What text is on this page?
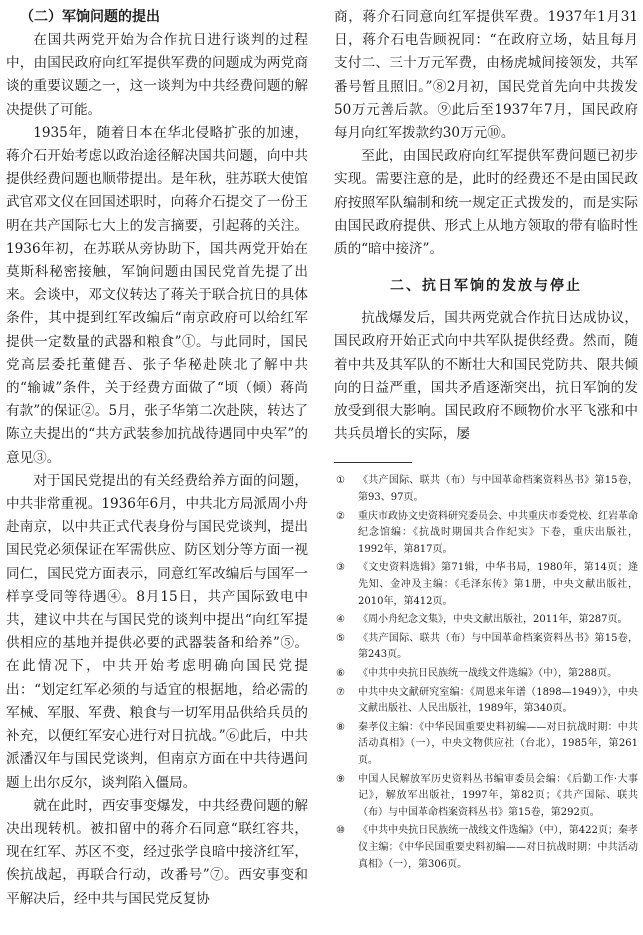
（二）军饷问题的提出

在国共两党开始为合作抗日进行谈判的过程中，由国民政府向红军提供军费的问题成为两党商谈的重要议题之一，这一谈判为中共经费问题的解决提供了可能。

1935年，随着日本在华北侵略扩张的加速，蒋介石开始考虑以政治途径解决国共问题，向中共提供经费问题也顺带提出。是年秋，驻苏联大使馆武官邓文仪在回国述职时，向蒋介石提交了一份王明在共产国际七大上的发言摘要，引起蒋的关注。1936年初，在苏联从旁协助下，国共两党开始在莫斯科秘密接触，军饷问题由国民党首先提了出来。会谈中，邓文仪转达了蒋关于联合抗日的具体条件，其中提到红军改编后“南京政府可以给红军提供一定数量的武器和粮食”①。与此同时，国民党高层委托董健吾、张子华秘赴陕北了解中共的“输诚”条件，关于经费方面做了“顷（倾）蒋尚有款”的保证②。5月，张子华第二次赴陕，转达了陈立夫提出的“共方武装参加抗战待遇同中央军”的意见③。

对于国民党提出的有关经费给养方面的问题，中共非常重视。1936年6月，中共北方局派周小舟赴南京，以中共正式代表身份与国民党谈判，提出国民党必须保证在军需供应、防区划分等方面一视同仁，国民党方面表示，同意红军改编后与国军一样享受同等待遇④。8月15日，共产国际致电中共，建议中共在与国民党的谈判中提出“向红军提供相应的基地并提供必要的武器装备和给养”⑤。在此情况下，中共开始考虑明确向国民党提出：“划定红军必须的与适宜的根据地，给必需的军械、军服、军费、粮食与一切军用品供给兵员的补充，以便红军安心进行对日抗战。”⑥此后，中共派潘汉年与国民党谈判，但南京方面在中共待遇问题上出尔反尔，谈判陷入僵局。

就在此时，西安事变爆发，中共经费问题的解决出现转机。被扣留中的蒋介石同意“联红容共，现在红军、苏区不变，经过张学良暗中接济红军，俟抗战起，再联合行动，改番号”⑦。西安事变和平解决后，经中共与国民党反复协

商，蒋介石同意向红军提供军费。1937年1月31日，蒋介石电告顾祝同：“在政府立场，姑且每月支付二、三十万元军费，由杨虎城间接领发，共军番号暂且照旧。”⑧2月初，国民党首先向中共拨发50万元善后款。⑨此后至1937年7月，国民政府每月向红军拨款约30万元⑩。

至此，由国民政府向红军提供军费问题已初步实现。需要注意的是，此时的经费还不是由国民政府按照军队编制和统一规定正式拨发的，而是实际由国民政府提供、形式上从地方领取的带有临时性质的“暗中接济”。

二、抗日军饷的发放与停止

抗战爆发后，国共两党就合作抗日达成协议，国民政府开始正式向中共军队提供经费。然而，随着中共及其军队的不断壮大和国民党防共、限共倾向的日益严重，国共矛盾逐渐突出，抗日军饷的发放受到很大影响。国民政府不顾物价水平飞涨和中共兵员增长的实际，屡

①	《共产国际、联共（布）与中国革命档案资料丛书》第15卷，第93、97页。
②	重庆市政协文史资料研究委员会、中共重庆市委党校、红岩革命纪念馆编：《抗战时期国共合作纪实》下卷，重庆出版社，1992年，第817页。
③	《文史资料选辑》第71辑，中华书局，1980年，第14页；逄先知、金冲及主编：《毛泽东传》第1册，中央文献出版社，2010年，第412页。
④	《周小舟纪念文集》，中央文献出版社，2011年，第287页。
⑤	《共产国际、联共（布）与中国革命档案资料丛书》第15卷，第243页。
⑥	《中共中央抗日民族统一战线文件选编》（中），第288页。
⑦	中共中央文献研究室编：《周恩来年谱（1898—1949）》，中央文献出版社、人民出版社，1989年，第340页。
⑧	秦孝仪主编：《中华民国重要史料初编——对日抗战时期：中共活动真相》（一），中央文物供应社（台北），1985年，第261页。
⑨	中国人民解放军历史资料丛书编审委员会编：《后勤工作·大事记》，解放军出版社，1997年，第82页；《共产国际、联共（布）与中国革命档案资料丛书》第15卷，第292页。
⑩	《中共中央抗日民族统一战线文件选编》（中），第422页；秦孝仪主编：《中华民国重要史料初编——对日抗战时期：中共活动真相》（一），第306页。
